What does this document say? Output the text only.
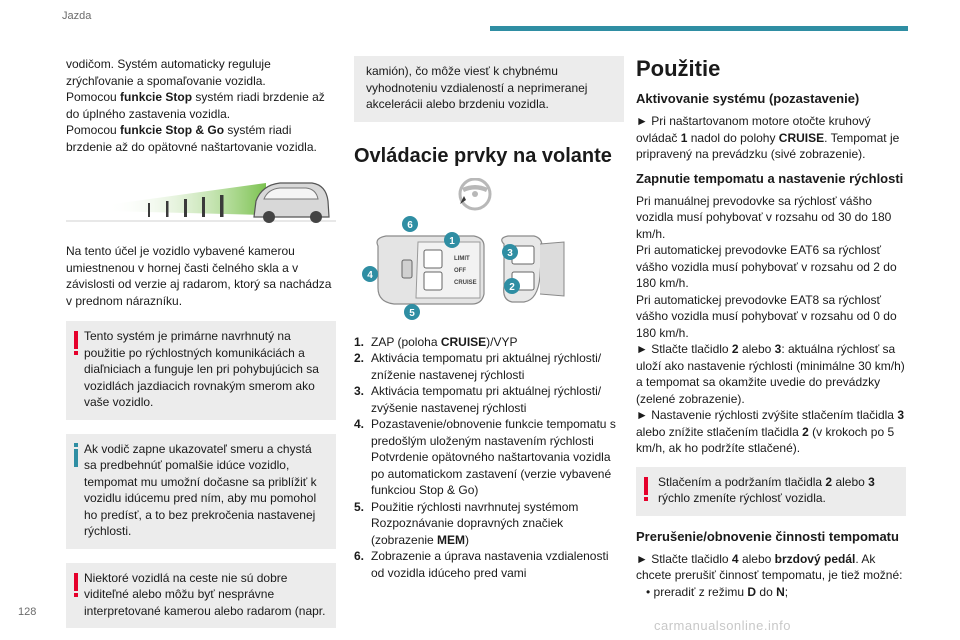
Jazda
vodičom. Systém automaticky reguluje zrýchľovanie a spomaľovanie vozidla.
Pomocou funkcie Stop systém riadi brzdenie až do úplného zastavenia vozidla.
Pomocou funkcie Stop & Go systém riadi brzdenie až do opätovné naštartovanie vozidla.
Na tento účel je vozidlo vybavené kamerou umiestnenou v hornej časti čelného skla a v závislosti od verzie aj radarom, ktorý sa nachádza v prednom nárazníku.
Tento systém je primárne navrhnutý na použitie po rýchlostných komunikáciách a diaľniciach a funguje len pri pohybujúcich sa vozidlách jazdiacich rovnakým smerom ako vaše vozidlo.
Ak vodič zapne ukazovateľ smeru a chystá sa predbehnúť pomalšie idúce vozidlo, tempomat mu umožní dočasne sa priblížiť k vozidlu idúcemu pred ním, aby mu pomohol ho predísť, a to bez prekročenia nastavenej rýchlosti.
Niektoré vozidlá na ceste nie sú dobre viditeľné alebo môžu byť nesprávne interpretované kamerou alebo radarom (napr.
kamión), čo môže viesť k chybnému vyhodnoteniu vzdialeností a neprimeranej akcelerácii alebo brzdeniu vozidla.
Ovládacie prvky na volante
LIMIT
OFF
CRUISE
1
2
3
4
5
6
1. ZAP (poloha CRUISE)/VYP
2. Aktivácia tempomatu pri aktuálnej rýchlosti/ zníženie nastavenej rýchlosti
3. Aktivácia tempomatu pri aktuálnej rýchlosti/ zvýšenie nastavenej rýchlosti
4. Pozastavenie/obnovenie funkcie tempomatu s predošlým uloženým nastavením rýchlosti Potvrdenie opätovného naštartovania vozidla po automatickom zastavení (verzie vybavené funkciou Stop & Go)
5. Použitie rýchlosti navrhnutej systémom Rozpoznávanie dopravných značiek (zobrazenie MEM)
6. Zobrazenie a úprava nastavenia vzdialenosti od vozidla idúceho pred vami
Použitie
Aktivovanie systému (pozastavenie)
► Pri naštartovanom motore otočte kruhový ovládač 1 nadol do polohy CRUISE. Tempomat je pripravený na prevádzku (sivé zobrazenie).
Zapnutie tempomatu a nastavenie rýchlosti
Pri manuálnej prevodovke sa rýchlosť vášho vozidla musí pohybovať v rozsahu od 30 do 180 km/h.
Pri automatickej prevodovke EAT6 sa rýchlosť vášho vozidla musí pohybovať v rozsahu od 2 do 180 km/h.
Pri automatickej prevodovke EAT8 sa rýchlosť vášho vozidla musí pohybovať v rozsahu od 0 do 180 km/h.
► Stlačte tlačidlo 2 alebo 3: aktuálna rýchlosť sa uloží ako nastavenie rýchlosti (minimálne 30 km/h) a tempomat sa okamžite uvedie do prevádzky (zelené zobrazenie).
► Nastavenie rýchlosti zvýšite stlačením tlačidla 3 alebo znížite stlačením tlačidla 2 (v krokoch po 5 km/h, ak ho podržíte stlačené).
Stlačením a podržaním tlačidla 2 alebo 3 rýchlo zmeníte rýchlosť vozidla.
Prerušenie/obnovenie činnosti tempomatu
► Stlačte tlačidlo 4 alebo brzdový pedál. Ak chcete prerušiť činnosť tempomatu, je tiež možné:
• preradiť z režimu D do N;
128
carmanualsonline.info
